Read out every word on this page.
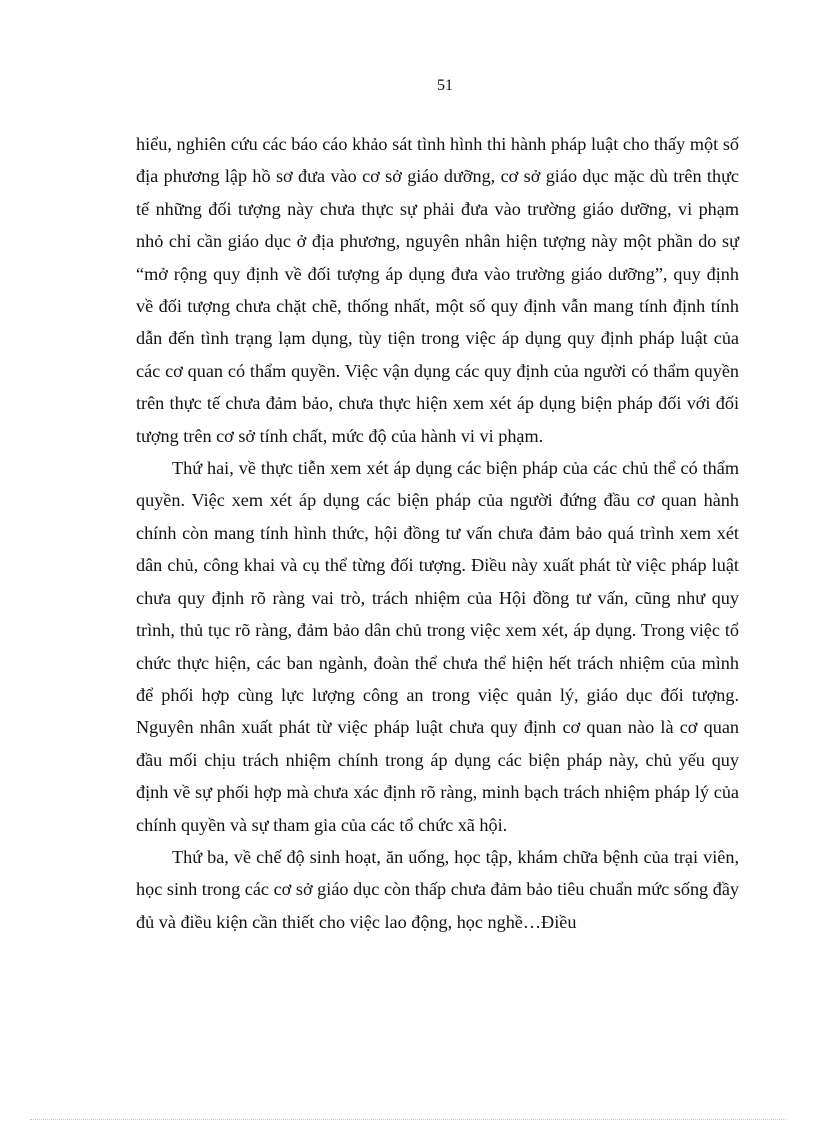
51

hiểu, nghiên cứu các báo cáo khảo sát tình hình thi hành pháp luật cho thấy một số địa phương lập hồ sơ đưa vào cơ sở giáo dưỡng, cơ sở giáo dục mặc dù trên thực tế những đối tượng này chưa thực sự phải đưa vào trường giáo dưỡng, vi phạm nhỏ chỉ cần giáo dục ở địa phương, nguyên nhân hiện tượng này một phần do sự “mở rộng quy định về đối tượng áp dụng đưa vào trường giáo dưỡng”, quy định về đối tượng chưa chặt chẽ, thống nhất, một số quy định vẫn mang tính định tính dẫn đến tình trạng lạm dụng, tùy tiện trong việc áp dụng quy định pháp luật của các cơ quan có thẩm quyền. Việc vận dụng các quy định của người có thẩm quyền trên thực tế chưa đảm bảo, chưa thực hiện xem xét áp dụng biện pháp đối với đối tượng trên cơ sở tính chất, mức độ của hành vi vi phạm.

Thứ hai, về thực tiễn xem xét áp dụng các biện pháp của các chủ thể có thẩm quyền. Việc xem xét áp dụng các biện pháp của người đứng đầu cơ quan hành chính còn mang tính hình thức, hội đồng tư vấn chưa đảm bảo quá trình xem xét dân chủ, công khai và cụ thể từng đối tượng. Điều này xuất phát từ việc pháp luật chưa quy định rõ ràng vai trò, trách nhiệm của Hội đồng tư vấn, cũng như quy trình, thủ tục rõ ràng, đảm bảo dân chủ trong việc xem xét, áp dụng. Trong việc tổ chức thực hiện, các ban ngành, đoàn thể chưa thể hiện hết trách nhiệm của mình để phối hợp cùng lực lượng công an trong việc quản lý, giáo dục đối tượng. Nguyên nhân xuất phát từ việc pháp luật chưa quy định cơ quan nào là cơ quan đầu mối chịu trách nhiệm chính trong áp dụng các biện pháp này, chủ yếu quy định về sự phối hợp mà chưa xác định rõ ràng, minh bạch trách nhiệm pháp lý của chính quyền và sự tham gia của các tổ chức xã hội.

Thứ ba, về chế độ sinh hoạt, ăn uống, học tập, khám chữa bệnh của trại viên, học sinh trong các cơ sở giáo dục còn thấp chưa đảm bảo tiêu chuẩn mức sống đầy đủ và điều kiện cần thiết cho việc lao động, học nghề…Điều
